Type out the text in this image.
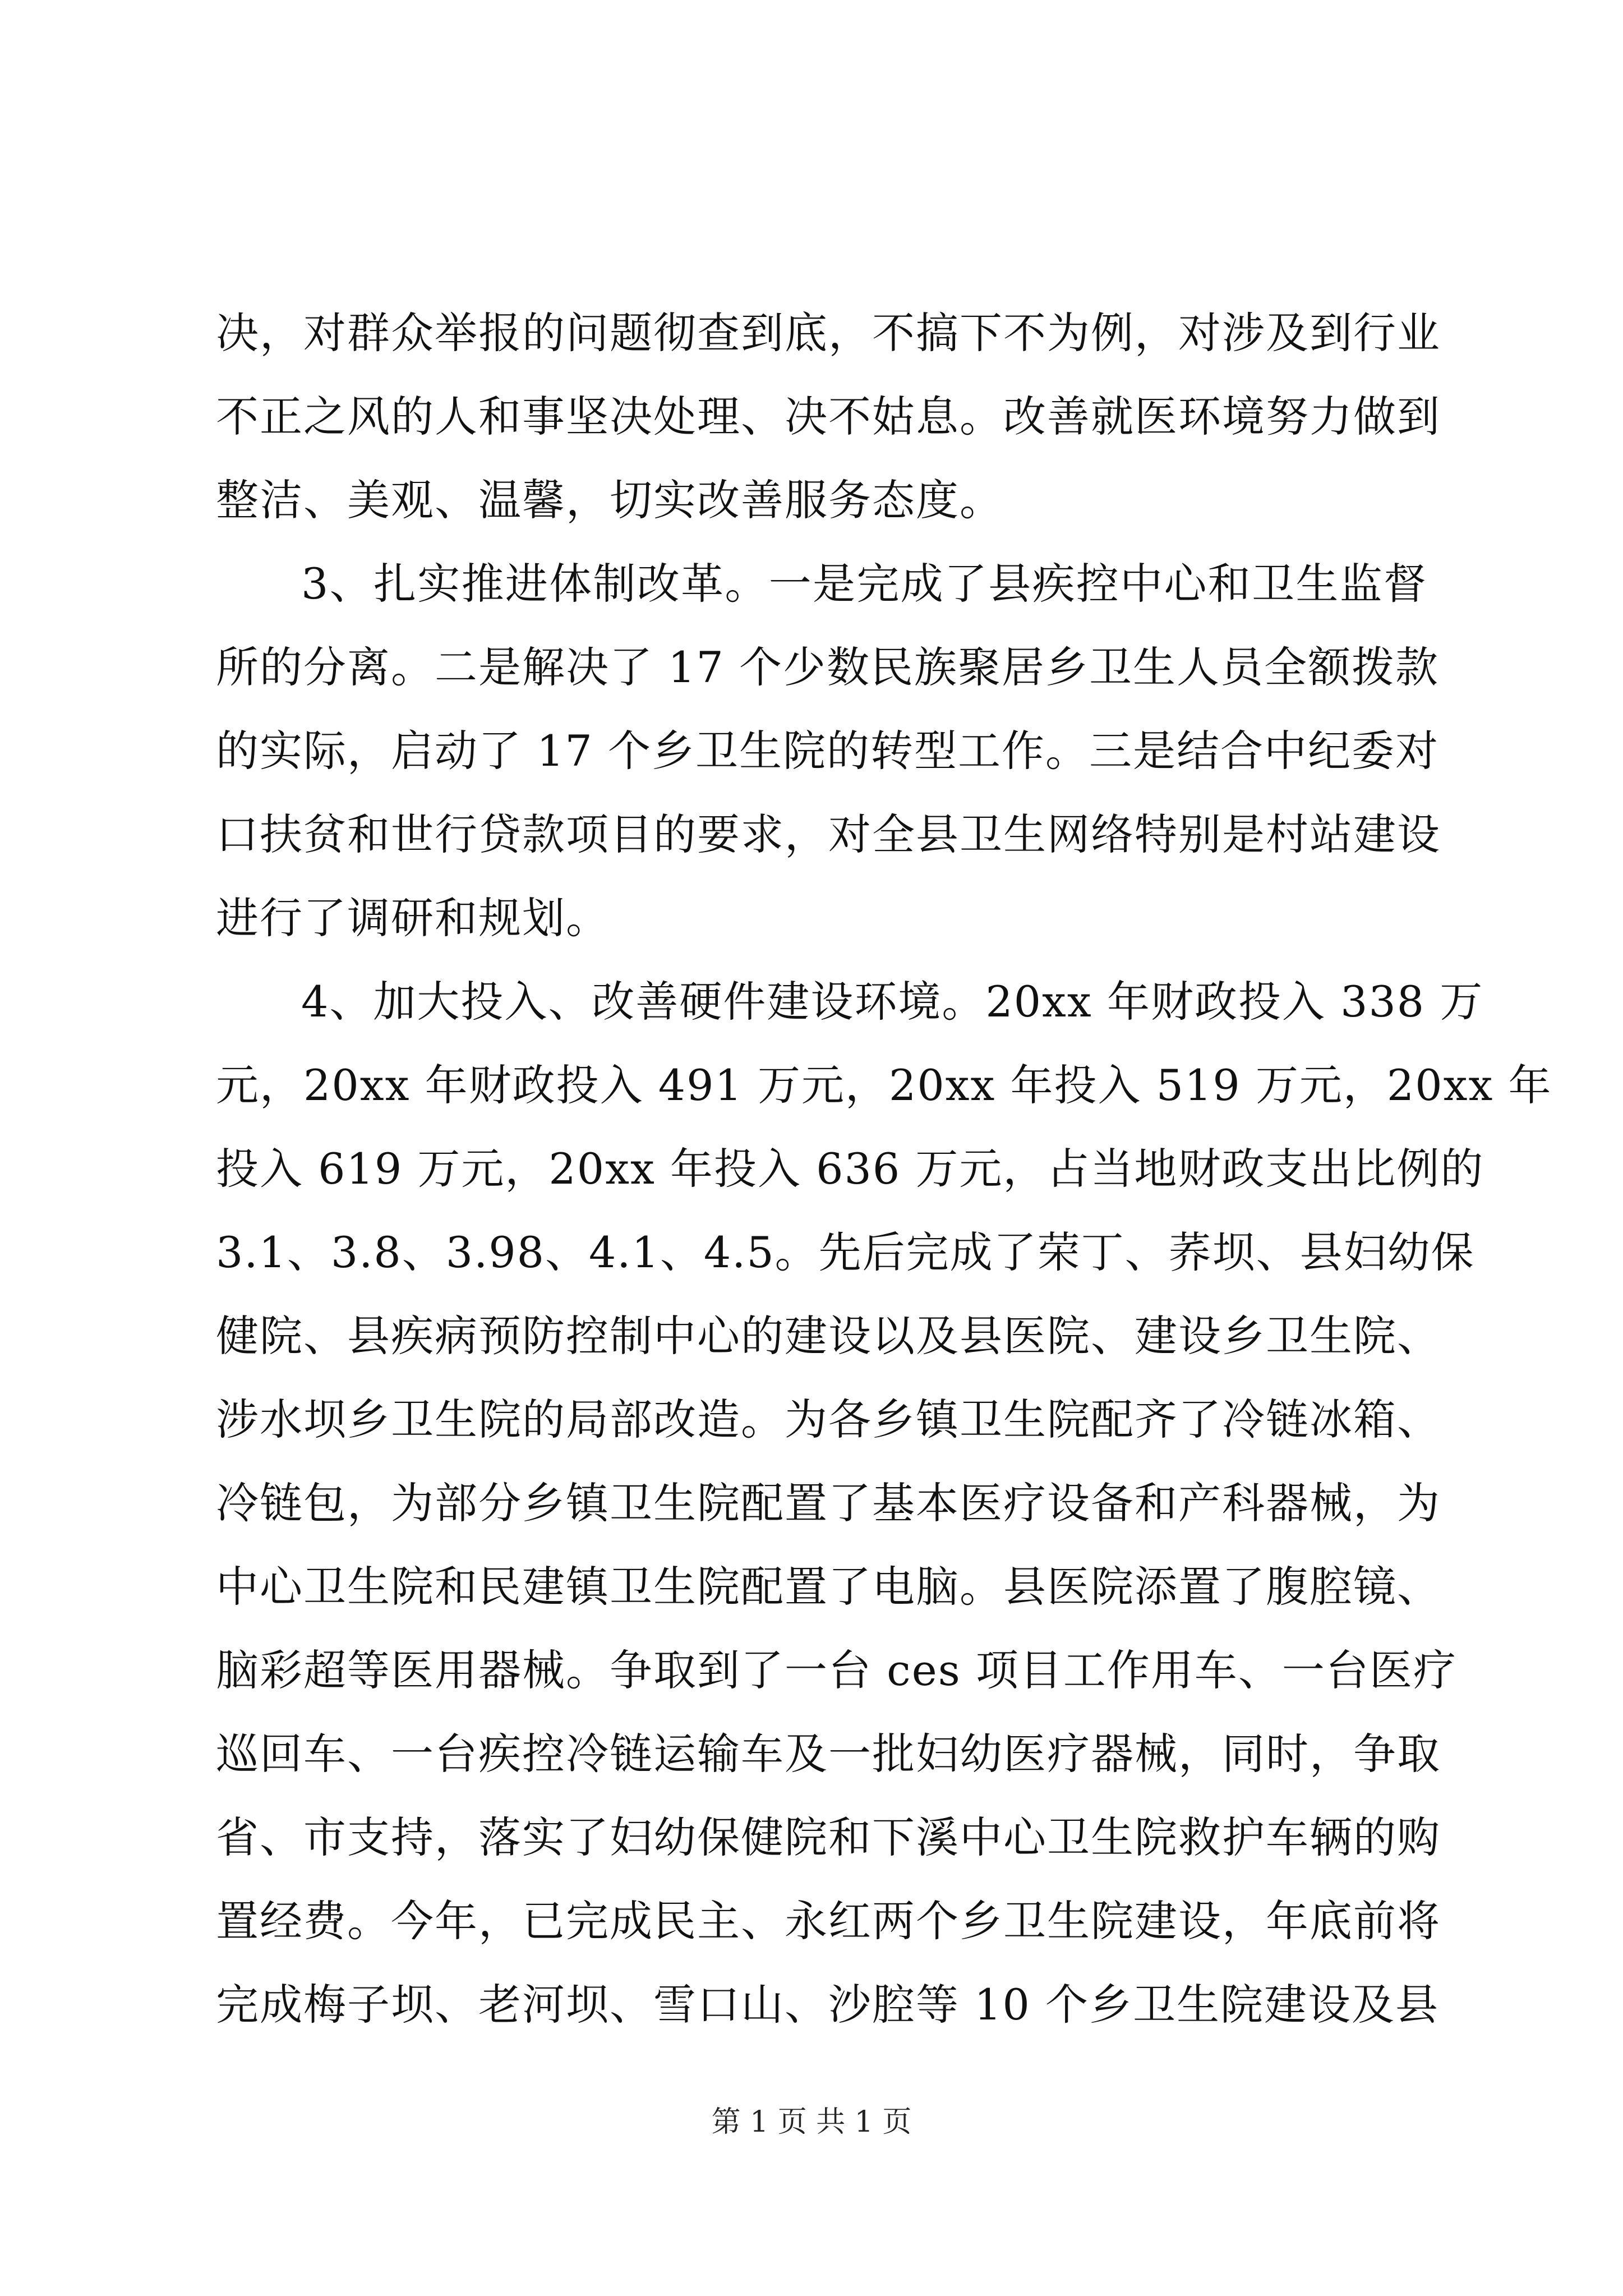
决，对群众举报的问题彻查到底，不搞下不为例，对涉及到行业
不正之风的人和事坚决处理、决不姑息。改善就医环境努力做到
整洁、美观、温馨，切实改善服务态度。
3、扎实推进体制改革。一是完成了县疾控中心和卫生监督
所的分离。二是解决了 17 个少数民族聚居乡卫生人员全额拨款
的实际，启动了 17 个乡卫生院的转型工作。三是结合中纪委对
口扶贫和世行贷款项目的要求，对全县卫生网络特别是村站建设
进行了调研和规划。
4、加大投入、改善硬件建设环境。20xx 年财政投入 338 万
元，20xx 年财政投入 491 万元，20xx 年投入 519 万元，20xx 年
投入 619 万元，20xx 年投入 636 万元，占当地财政支出比例的
3.1、3.8、3.98、4.1、4.5。先后完成了荣丁、荞坝、县妇幼保
健院、县疾病预防控制中心的建设以及县医院、建设乡卫生院、
涉水坝乡卫生院的局部改造。为各乡镇卫生院配齐了冷链冰箱、
冷链包，为部分乡镇卫生院配置了基本医疗设备和产科器械，为
中心卫生院和民建镇卫生院配置了电脑。县医院添置了腹腔镜、
脑彩超等医用器械。争取到了一台 ces 项目工作用车、一台医疗
巡回车、一台疾控冷链运输车及一批妇幼医疗器械，同时，争取
省、市支持，落实了妇幼保健院和下溪中心卫生院救护车辆的购
置经费。今年，已完成民主、永红两个乡卫生院建设，年底前将
完成梅子坝、老河坝、雪口山、沙腔等 10 个乡卫生院建设及县
第 1 页 共 1 页
